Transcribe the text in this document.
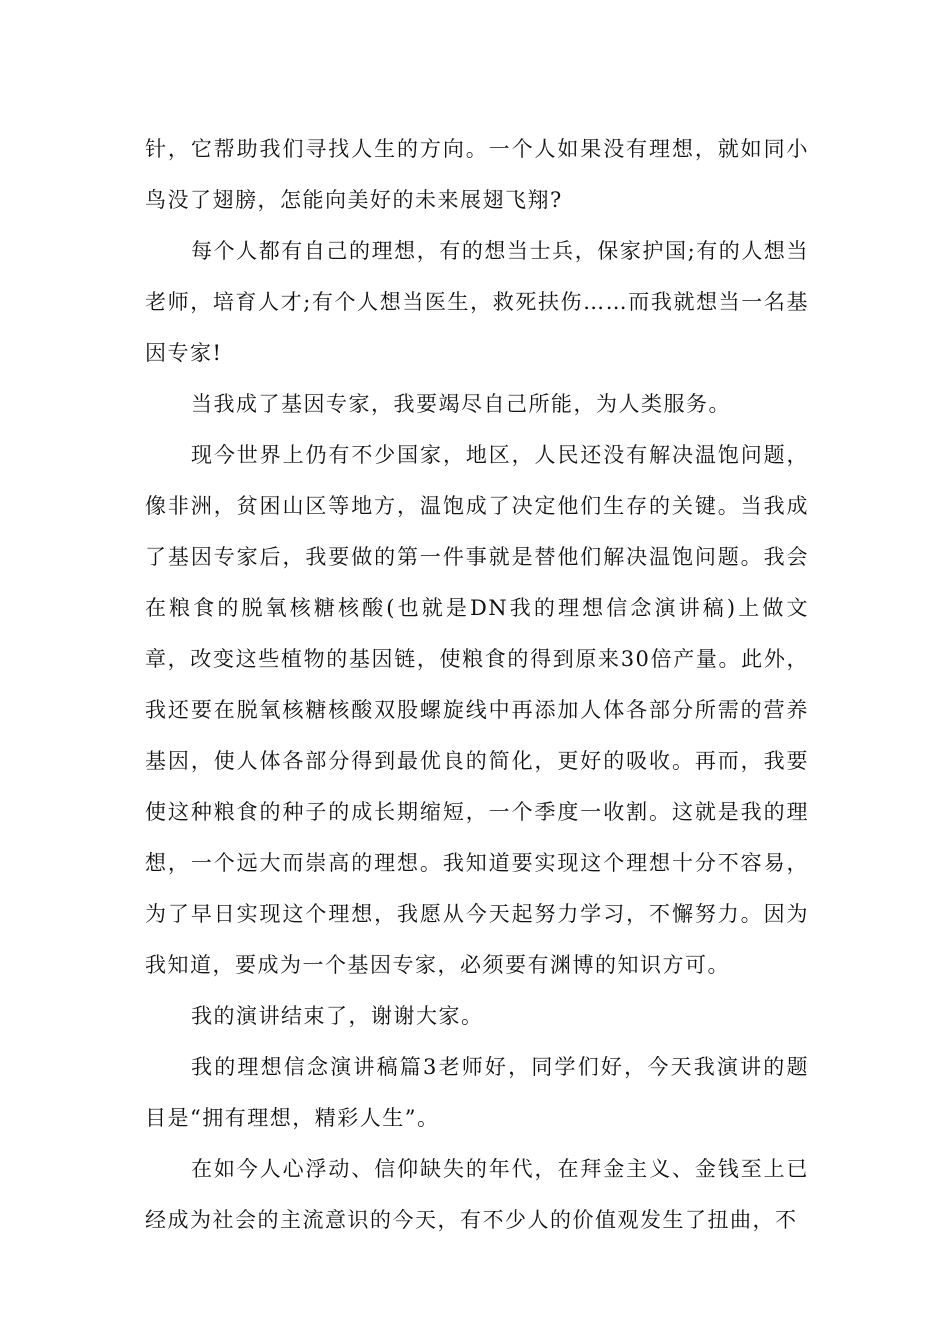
针，它帮助我们寻找人生的方向。一个人如果没有理想，就如同小鸟没了翅膀，怎能向美好的未来展翅飞翔?

每个人都有自己的理想，有的想当士兵，保家护国;有的人想当老师，培育人才;有个人想当医生，救死扶伤……而我就想当一名基因专家!

当我成了基因专家，我要竭尽自己所能，为人类服务。

现今世界上仍有不少国家，地区，人民还没有解决温饱问题，像非洲，贫困山区等地方，温饱成了决定他们生存的关键。当我成了基因专家后，我要做的第一件事就是替他们解决温饱问题。我会在粮食的脱氧核糖核酸(也就是DN我的理想信念演讲稿)上做文章，改变这些植物的基因链，使粮食的得到原来30倍产量。此外，我还要在脱氧核糖核酸双股螺旋线中再添加人体各部分所需的营养基因，使人体各部分得到最优良的简化，更好的吸收。再而，我要使这种粮食的种子的成长期缩短，一个季度一收割。这就是我的理想，一个远大而崇高的理想。我知道要实现这个理想十分不容易，为了早日实现这个理想，我愿从今天起努力学习，不懈努力。因为我知道，要成为一个基因专家，必须要有渊博的知识方可。

我的演讲结束了，谢谢大家。

我的理想信念演讲稿篇3老师好，同学们好，今天我演讲的题目是“拥有理想，精彩人生”。

在如今人心浮动、信仰缺失的年代，在拜金主义、金钱至上已经成为社会的主流意识的今天，有不少人的价值观发生了扭曲，不
